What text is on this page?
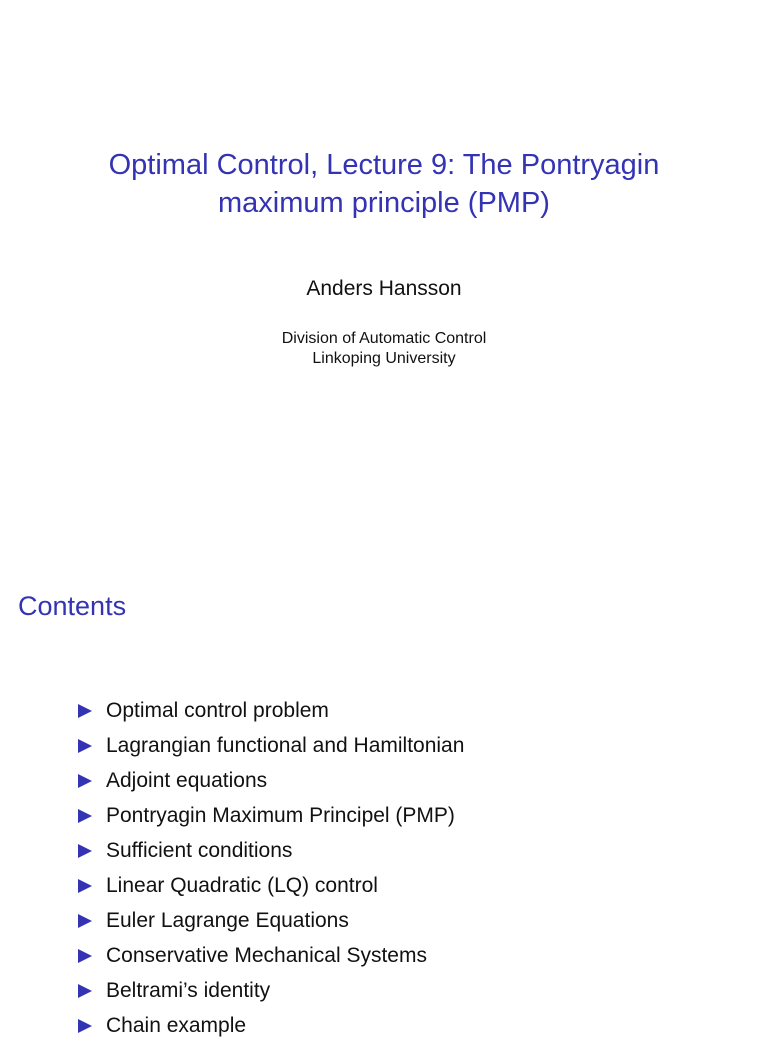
Optimal Control, Lecture 9: The Pontryagin
maximum principle (PMP)
Anders Hansson
Division of Automatic Control
Linkoping University
Contents
Optimal control problem
Lagrangian functional and Hamiltonian
Adjoint equations
Pontryagin Maximum Principel (PMP)
Sufficient conditions
Linear Quadratic (LQ) control
Euler Lagrange Equations
Conservative Mechanical Systems
Beltrami’s identity
Chain example
